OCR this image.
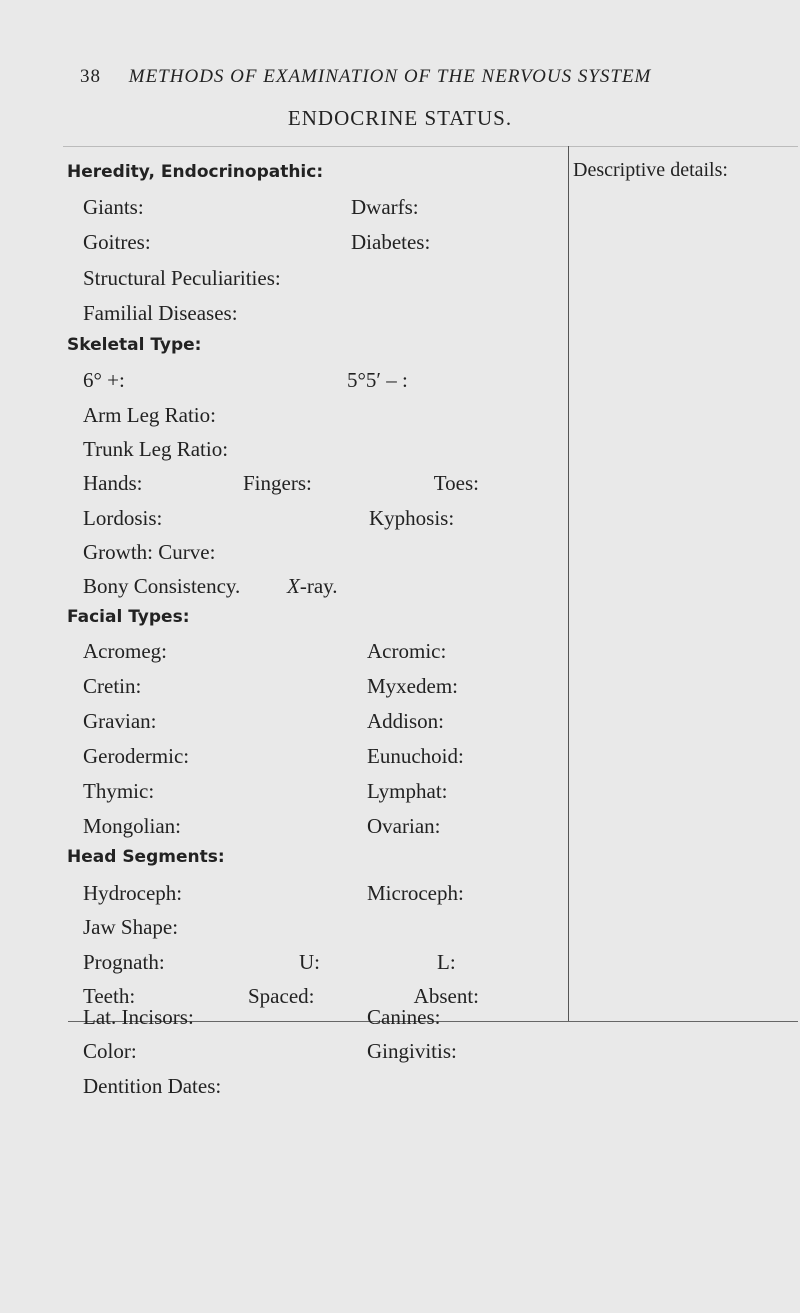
38 METHODS OF EXAMINATION OF THE NERVOUS SYSTEM
ENDOCRINE STATUS.
Descriptive details:
Heredity, Endocrinopathic:
Giants:	Dwarfs:
Goitres:	Diabetes:
Structural Peculiarities:
Familial Diseases:
Skeletal Type:
6° +:	5°5′ – :
Arm Leg Ratio:
Trunk Leg Ratio:
Hands:	Fingers:	Toes:
Lordosis:	Kyphosis:
Growth: Curve:
Bony Consistency. X-ray.
Facial Types:
Acromeg:	Acromic:
Cretin:	Myxedem:
Gravian:	Addison:
Gerodermic:	Eunuchoid:
Thymic:	Lymphat:
Mongolian:	Ovarian:
Head Segments:
Hydroceph:	Microceph:
Jaw Shape:
Prognath:	U:	L:
Teeth:	Spaced:	Absent:
Lat. Incisors:	Canines:
Color:	Gingivitis:
Dentition Dates:
